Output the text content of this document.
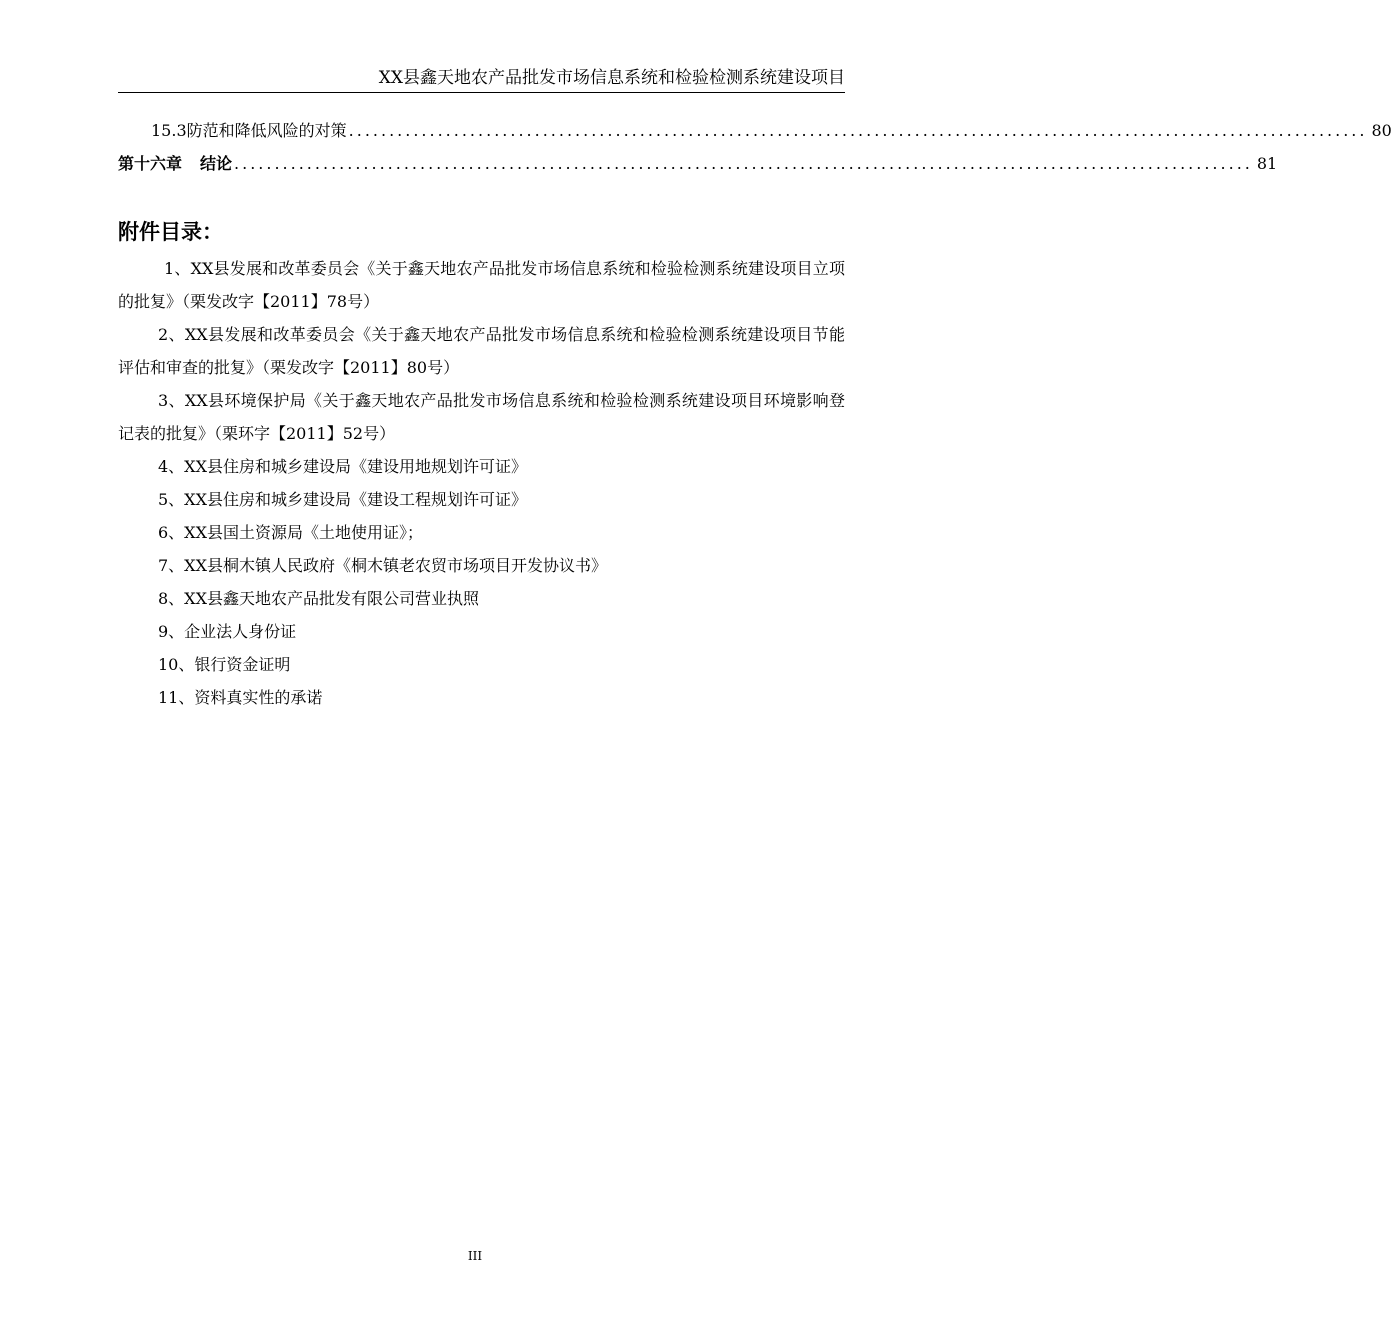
XX县鑫天地农产品批发市场信息系统和检验检测系统建设项目
15.3防范和降低风险的对策 .............................................................................................................................. 80
第十六章 结论 .............................................................................................................................. 81
附件目录：

1、XX县发展和改革委员会《关于鑫天地农产品批发市场信息系统和检验检测系统建设项目立项的批复》（栗发改字【2011】78号）

2、XX县发展和改革委员会《关于鑫天地农产品批发市场信息系统和检验检测系统建设项目节能评估和审查的批复》（栗发改字【2011】80号）

3、XX县环境保护局《关于鑫天地农产品批发市场信息系统和检验检测系统建设项目环境影响登记表的批复》（栗环字【2011】52号）

4、XX县住房和城乡建设局《建设用地规划许可证》

5、XX县住房和城乡建设局《建设工程规划许可证》

6、XX县国土资源局《土地使用证》；

7、XX县桐木镇人民政府《桐木镇老农贸市场项目开发协议书》

8、XX县鑫天地农产品批发有限公司营业执照

9、企业法人身份证

10、银行资金证明

11、资料真实性的承诺

III
